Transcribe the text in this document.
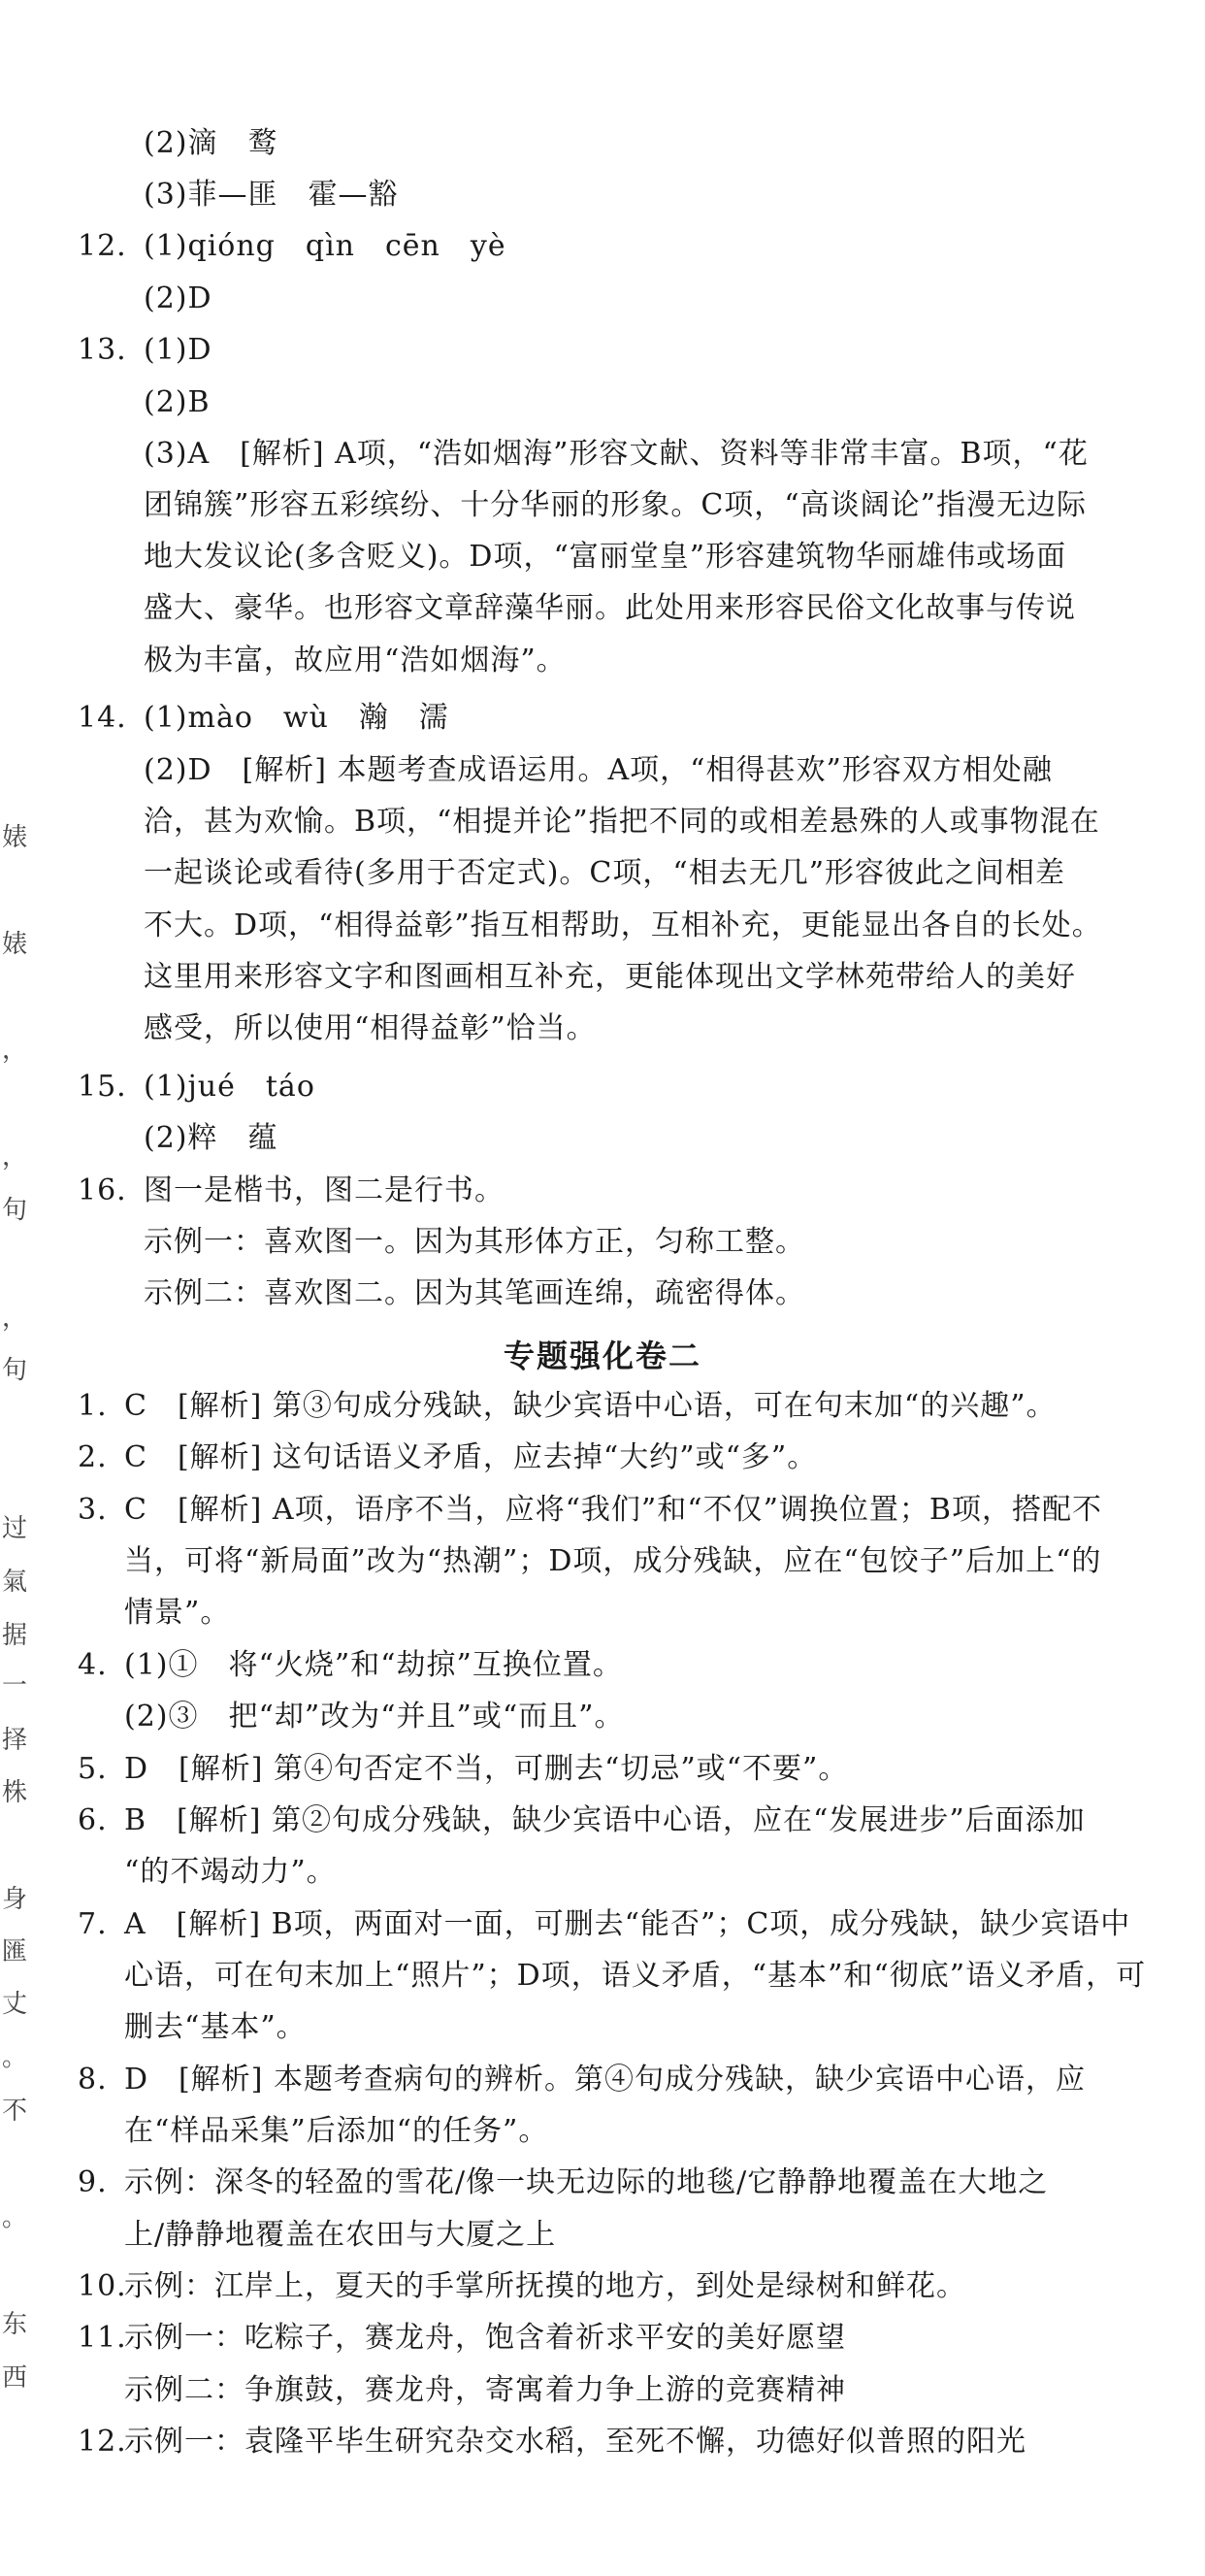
婊
婊
，
，
句
，
句
过
氣
据
一
择
株
身
匯
丈
。
不
。
东
西
专题强化卷二
(2)滴　鹜
(3)菲—匪　霍—豁
12. (1)qióng　qìn　cēn　yè
(2)D
13. (1)D
(2)B
(3)A　[解析] A项，“浩如烟海”形容文献、资料等非常丰富。B项，“花
团锦簇”形容五彩缤纷、十分华丽的形象。C项，“高谈阔论”指漫无边际
地大发议论(多含贬义)。D项，“富丽堂皇”形容建筑物华丽雄伟或场面
盛大、豪华。也形容文章辞藻华丽。此处用来形容民俗文化故事与传说
极为丰富，故应用“浩如烟海”。
14. (1)mào　wù　瀚　濡
(2)D　[解析] 本题考查成语运用。A项，“相得甚欢”形容双方相处融
洽，甚为欢愉。B项，“相提并论”指把不同的或相差悬殊的人或事物混在
一起谈论或看待(多用于否定式)。C项，“相去无几”形容彼此之间相差
不大。D项，“相得益彰”指互相帮助，互相补充，更能显出各自的长处。
这里用来形容文字和图画相互补充，更能体现出文学林苑带给人的美好
感受，所以使用“相得益彰”恰当。
15. (1)jué　táo
(2)粹　蕴
16. 图一是楷书，图二是行书。
示例一：喜欢图一。因为其形体方正，匀称工整。
示例二：喜欢图二。因为其笔画连绵，疏密得体。
1. C　[解析] 第③句成分残缺，缺少宾语中心语，可在句末加“的兴趣”。
2. C　[解析] 这句话语义矛盾，应去掉“大约”或“多”。
3. C　[解析] A项，语序不当，应将“我们”和“不仅”调换位置；B项，搭配不
当，可将“新局面”改为“热潮”；D项，成分残缺，应在“包饺子”后加上“的
情景”。
4. (1)①　将“火烧”和“劫掠”互换位置。
(2)③　把“却”改为“并且”或“而且”。
5. D　[解析] 第④句否定不当，可删去“切忌”或“不要”。
6. B　[解析] 第②句成分残缺，缺少宾语中心语，应在“发展进步”后面添加
“的不竭动力”。
7. A　[解析] B项，两面对一面，可删去“能否”；C项，成分残缺，缺少宾语中
心语，可在句末加上“照片”；D项，语义矛盾，“基本”和“彻底”语义矛盾，可
删去“基本”。
8. D　[解析] 本题考查病句的辨析。第④句成分残缺，缺少宾语中心语，应
在“样品采集”后添加“的任务”。
9. 示例：深冬的轻盈的雪花/像一块无边际的地毯/它静静地覆盖在大地之
上/静静地覆盖在农田与大厦之上
10.
示例：江岸上，夏天的手掌所抚摸的地方，到处是绿树和鲜花。
11.
示例一：吃粽子，赛龙舟，饱含着祈求平安的美好愿望
示例二：争旗鼓，赛龙舟，寄寓着力争上游的竞赛精神
12.
示例一：袁隆平毕生研究杂交水稻，至死不懈，功德好似普照的阳光
